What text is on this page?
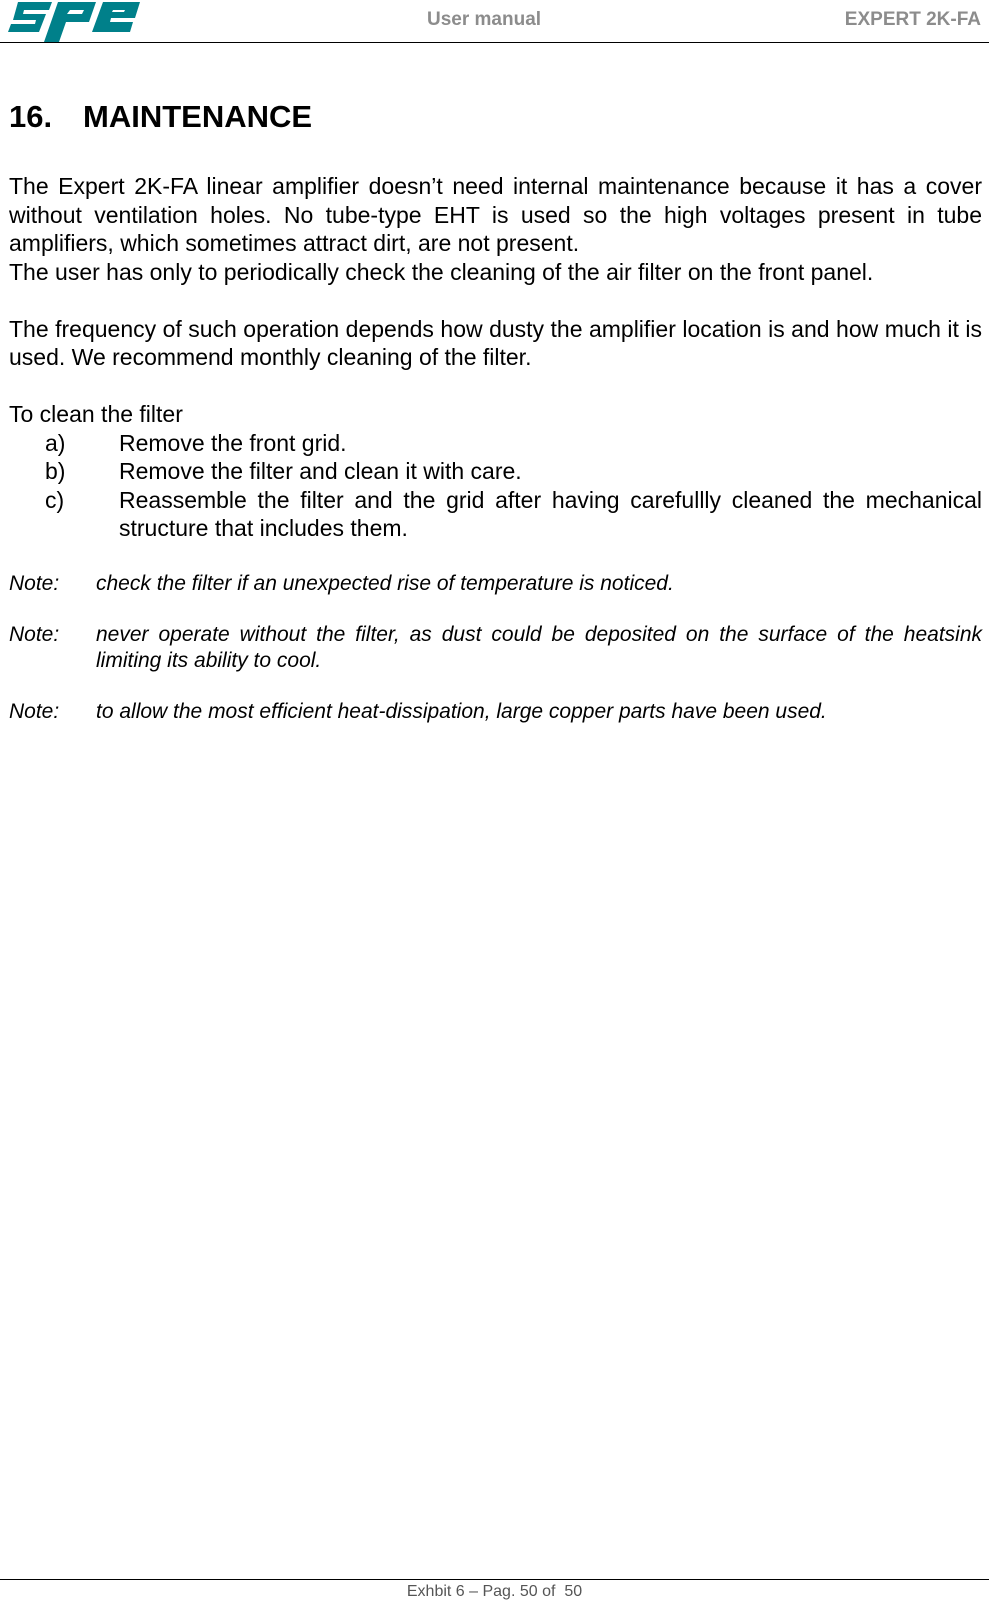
User manual	EXPERT 2K-FA
16. MAINTENANCE

The Expert 2K-FA linear amplifier doesn’t need internal maintenance because it has a cover without ventilation holes. No tube-type EHT is used so the high voltages present in tube amplifiers, which sometimes attract dirt, are not present.

The user has only to periodically check the cleaning of the air filter on the front panel.

The frequency of such operation depends how dusty the amplifier location is and how much it is used. We recommend monthly cleaning of the filter.

To clean the filter

a)	Remove the front grid.
b)	Remove the filter and clean it with care.
c)	Reassemble the filter and the grid after having carefullly cleaned the mechanical structure that includes them.
Note:	check the filter if an unexpected rise of temperature is noticed.
Note:	never operate without the filter, as dust could be deposited on the surface of the heatsink limiting its ability to cool.
Note:	to allow the most efficient heat-dissipation, large copper parts have been used.
Exhbit 6 – Pag. 50 of  50
